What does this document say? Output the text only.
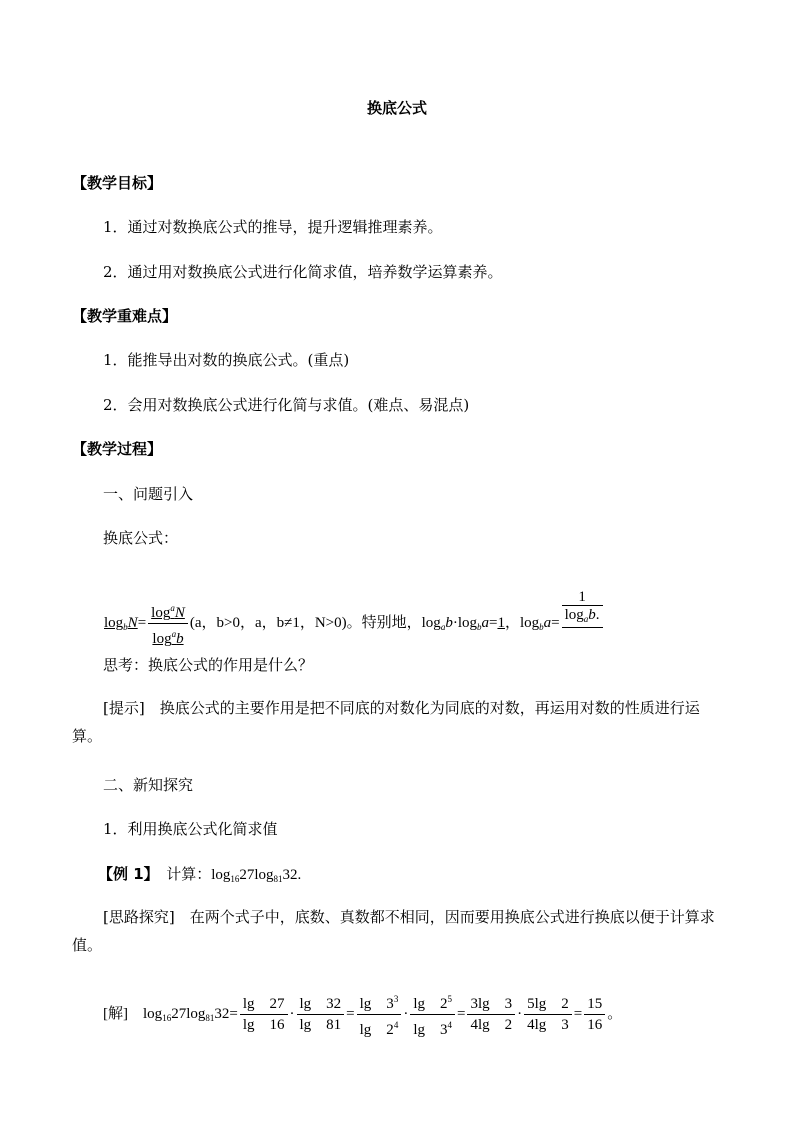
换底公式
【教学目标】
1．通过对数换底公式的推导，提升逻辑推理素养。
2．通过用对数换底公式进行化简求值，培养数学运算素养。
【教学重难点】
1．能推导出对数的换底公式。(重点)
2．会用对数换底公式进行化简与求值。(难点、易混点)
【教学过程】
一、问题引入
换底公式：
$\log_bN= \frac{\log^aN}{\log^ab} (a$，b>0，a，b≠1，N>0)。特别地，$\log_ab\cdot\log_ba=1$，$\log_ba= \frac{1}{\log_ab.}$
思考：换底公式的作用是什么？
[提示]　 换底公式的主要作用是把不同底的对数化为同底的对数，再运用对数的性质进行运算。
二、新知探究
1．利用换底公式化简求值
【例 1】　 计算：$\log_{16}27\log_{81}32$.
[思路探究]　 在两个式子中，底数、真数都不相同，因而要用换底公式进行换底以便于计算求值。
[解]　 $\log_{16}27\log_{81}32= \frac{\lg 27}{\lg 16} \cdot \frac{\lg 32}{\lg 81} = \frac{\lg 3^3}{\lg 2^4} \cdot \frac{\lg 2^5}{\lg 3^4} = \frac{3\lg 3}{4\lg 2} \cdot \frac{5\lg 2}{4\lg 3} = \frac{15}{16}$ 。
